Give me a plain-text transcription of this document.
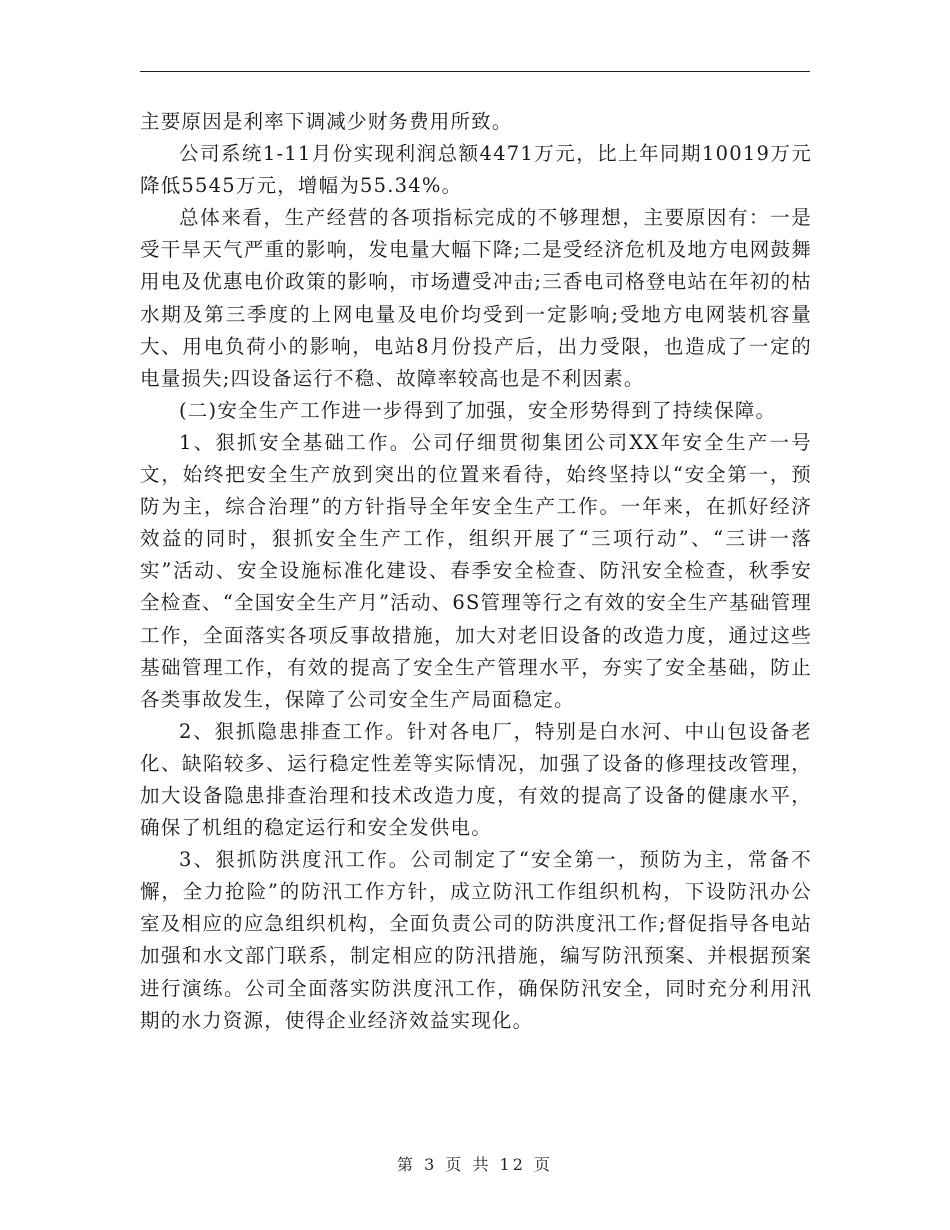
主要原因是利率下调减少财务费用所致。

公司系统1-11月份实现利润总额4471万元，比上年同期10019万元降低5545万元，增幅为55.34%。

总体来看，生产经营的各项指标完成的不够理想，主要原因有：一是受干旱天气严重的影响，发电量大幅下降;二是受经济危机及地方电网鼓舞用电及优惠电价政策的影响，市场遭受冲击;三香电司格登电站在年初的枯水期及第三季度的上网电量及电价均受到一定影响;受地方电网装机容量大、用电负荷小的影响，电站8月份投产后，出力受限，也造成了一定的电量损失;四设备运行不稳、故障率较高也是不利因素。

(二)安全生产工作进一步得到了加强，安全形势得到了持续保障。

1、狠抓安全基础工作。公司仔细贯彻集团公司XX年安全生产一号文，始终把安全生产放到突出的位置来看待，始终坚持以“安全第一，预防为主，综合治理”的方针指导全年安全生产工作。一年来，在抓好经济效益的同时，狠抓安全生产工作，组织开展了“三项行动”、“三讲一落实”活动、安全设施标准化建设、春季安全检查、防汛安全检查，秋季安全检查、“全国安全生产月”活动、6S管理等行之有效的安全生产基础管理工作，全面落实各项反事故措施，加大对老旧设备的改造力度，通过这些基础管理工作，有效的提高了安全生产管理水平，夯实了安全基础，防止各类事故发生，保障了公司安全生产局面稳定。

2、狠抓隐患排查工作。针对各电厂，特别是白水河、中山包设备老化、缺陷较多、运行稳定性差等实际情况，加强了设备的修理技改管理，加大设备隐患排查治理和技术改造力度，有效的提高了设备的健康水平，确保了机组的稳定运行和安全发供电。

3、狠抓防洪度汛工作。公司制定了“安全第一，预防为主，常备不懈，全力抢险”的防汛工作方针，成立防汛工作组织机构，下设防汛办公室及相应的应急组织机构，全面负责公司的防洪度汛工作;督促指导各电站加强和水文部门联系，制定相应的防汛措施，编写防汛预案、并根据预案进行演练。公司全面落实防洪度汛工作，确保防汛安全，同时充分利用汛期的水力资源，使得企业经济效益实现化。

第 3 页 共 12 页
